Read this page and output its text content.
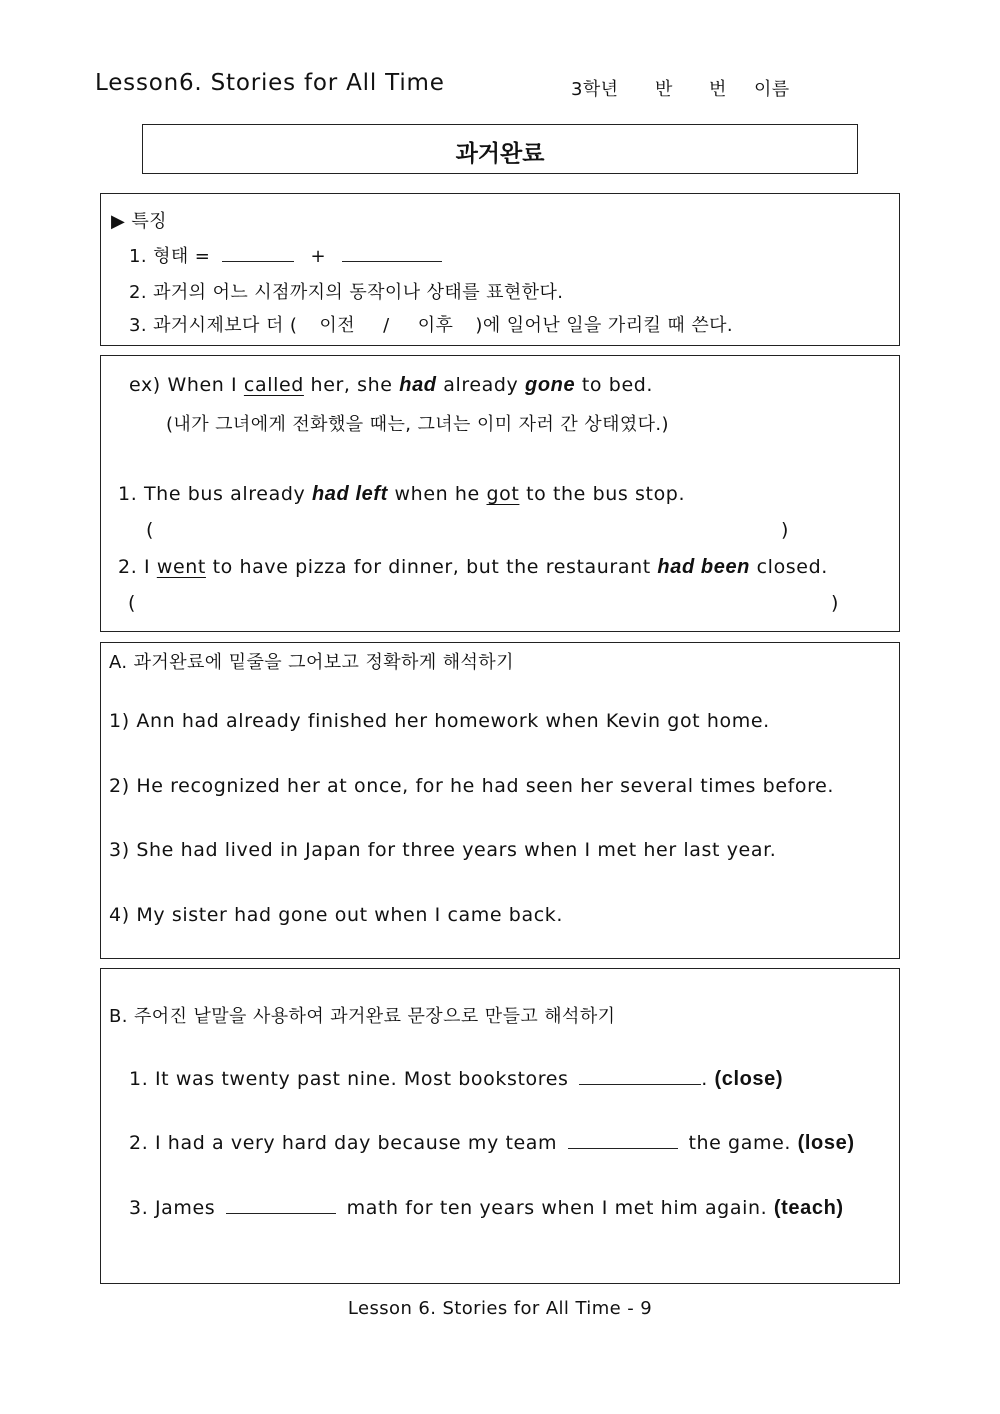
Lesson6. Stories for All Time	3학년 반 번 이름
과거완료
▶ 특징
1. 형태 =	+
2. 과거의 어느 시점까지의 동작이나 상태를 표현한다.
3. 과거시제보다 더 ( 이전 / 이후 )에 일어난 일을 가리킬 때 쓴다.
ex) When I called her, she had already gone to bed.
(내가 그녀에게 전화했을 때는, 그녀는 이미 자러 간 상태였다.)
1. The bus already had left when he got to the bus stop.
(	)
2. I went to have pizza for dinner, but the restaurant had been closed.
(	)
A. 과거완료에 밑줄을 그어보고 정확하게 해석하기
1) Ann had already finished her homework when Kevin got home.
2) He recognized her at once, for he had seen her several times before.
3) She had lived in Japan for three years when I met her last year.
4) My sister had gone out when I came back.
B. 주어진 낱말을 사용하여 과거완료 문장으로 만들고 해석하기
1. It was twenty past nine. Most bookstores	. (close)
2. I had a very hard day because my team	the game. (lose)
3. James	math for ten years when I met him again. (teach)
Lesson 6. Stories for All Time - 9
